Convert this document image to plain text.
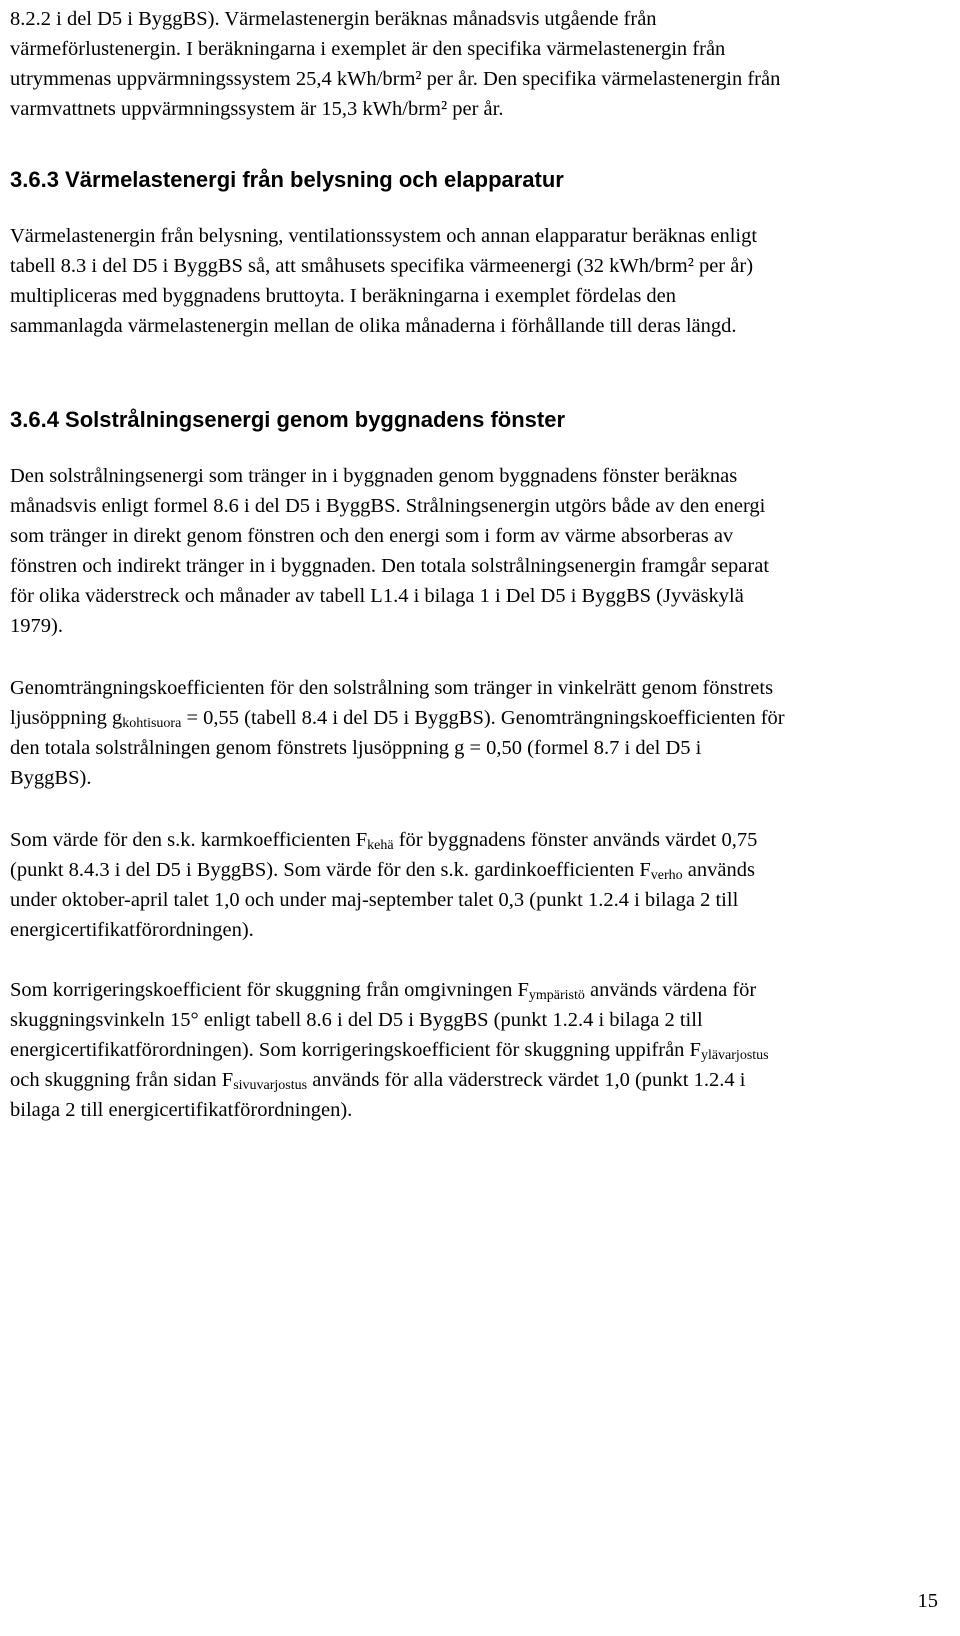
8.2.2 i del D5 i ByggBS). Värmelastenergin beräknas månadsvis utgående från
värmeförlustenergin. I beräkningarna i exemplet är den specifika värmelastenergin från
utrymmenas uppvärmningssystem 25,4 kWh/brm² per år. Den specifika värmelastenergin från
varmvattnets uppvärmningssystem är 15,3 kWh/brm² per år.

3.6.3 Värmelastenergi från belysning och elapparatur

Värmelastenergin från belysning, ventilationssystem och annan elapparatur beräknas enligt
tabell 8.3 i del D5 i ByggBS så, att småhusets specifika värmeenergi (32 kWh/brm² per år)
multipliceras med byggnadens bruttoyta. I beräkningarna i exemplet fördelas den
sammanlagda värmelastenergin mellan de olika månaderna i förhållande till deras längd.

3.6.4 Solstrålningsenergi genom byggnadens fönster

Den solstrålningsenergi som tränger in i byggnaden genom byggnadens fönster beräknas
månadsvis enligt formel 8.6 i del D5 i ByggBS. Strålningsenergin utgörs både av den energi
som tränger in direkt genom fönstren och den energi som i form av värme absorberas av
fönstren och indirekt tränger in i byggnaden. Den totala solstrålningsenergin framgår separat
för olika väderstreck och månader av tabell L1.4 i bilaga 1 i Del D5 i ByggBS (Jyväskylä
1979).

Genomträngningskoefficienten för den solstrålning som tränger in vinkelrätt genom fönstrets
ljusöppning $g_{kohtisuora} = 0,55$ (tabell 8.4 i del D5 i ByggBS). Genomträngningskoefficienten för
den totala solstrålningen genom fönstrets ljusöppning g = 0,50 (formel 8.7 i del D5 i
ByggBS).

Som värde för den s.k. karmkoefficienten $F_{kehä}$ för byggnadens fönster används värdet 0,75
(punkt 8.4.3 i del D5 i ByggBS). Som värde för den s.k. gardinkoefficienten $F_{verho}$ används
under oktober-april talet 1,0 och under maj-september talet 0,3 (punkt 1.2.4 i bilaga 2 till
energicertifikatförordningen).

Som korrigeringskoefficient för skuggning från omgivningen $F_{ympäristö}$ används värdena för
skuggningsvinkeln 15° enligt tabell 8.6 i del D5 i ByggBS (punkt 1.2.4 i bilaga 2 till
energicertifikatförordningen). Som korrigeringskoefficient för skuggning uppifrån $F_{ylävarjostus}$
och skuggning från sidan $F_{sivuvarjostus}$ används för alla väderstreck värdet 1,0 (punkt 1.2.4 i
bilaga 2 till energicertifikatförordningen).

15
